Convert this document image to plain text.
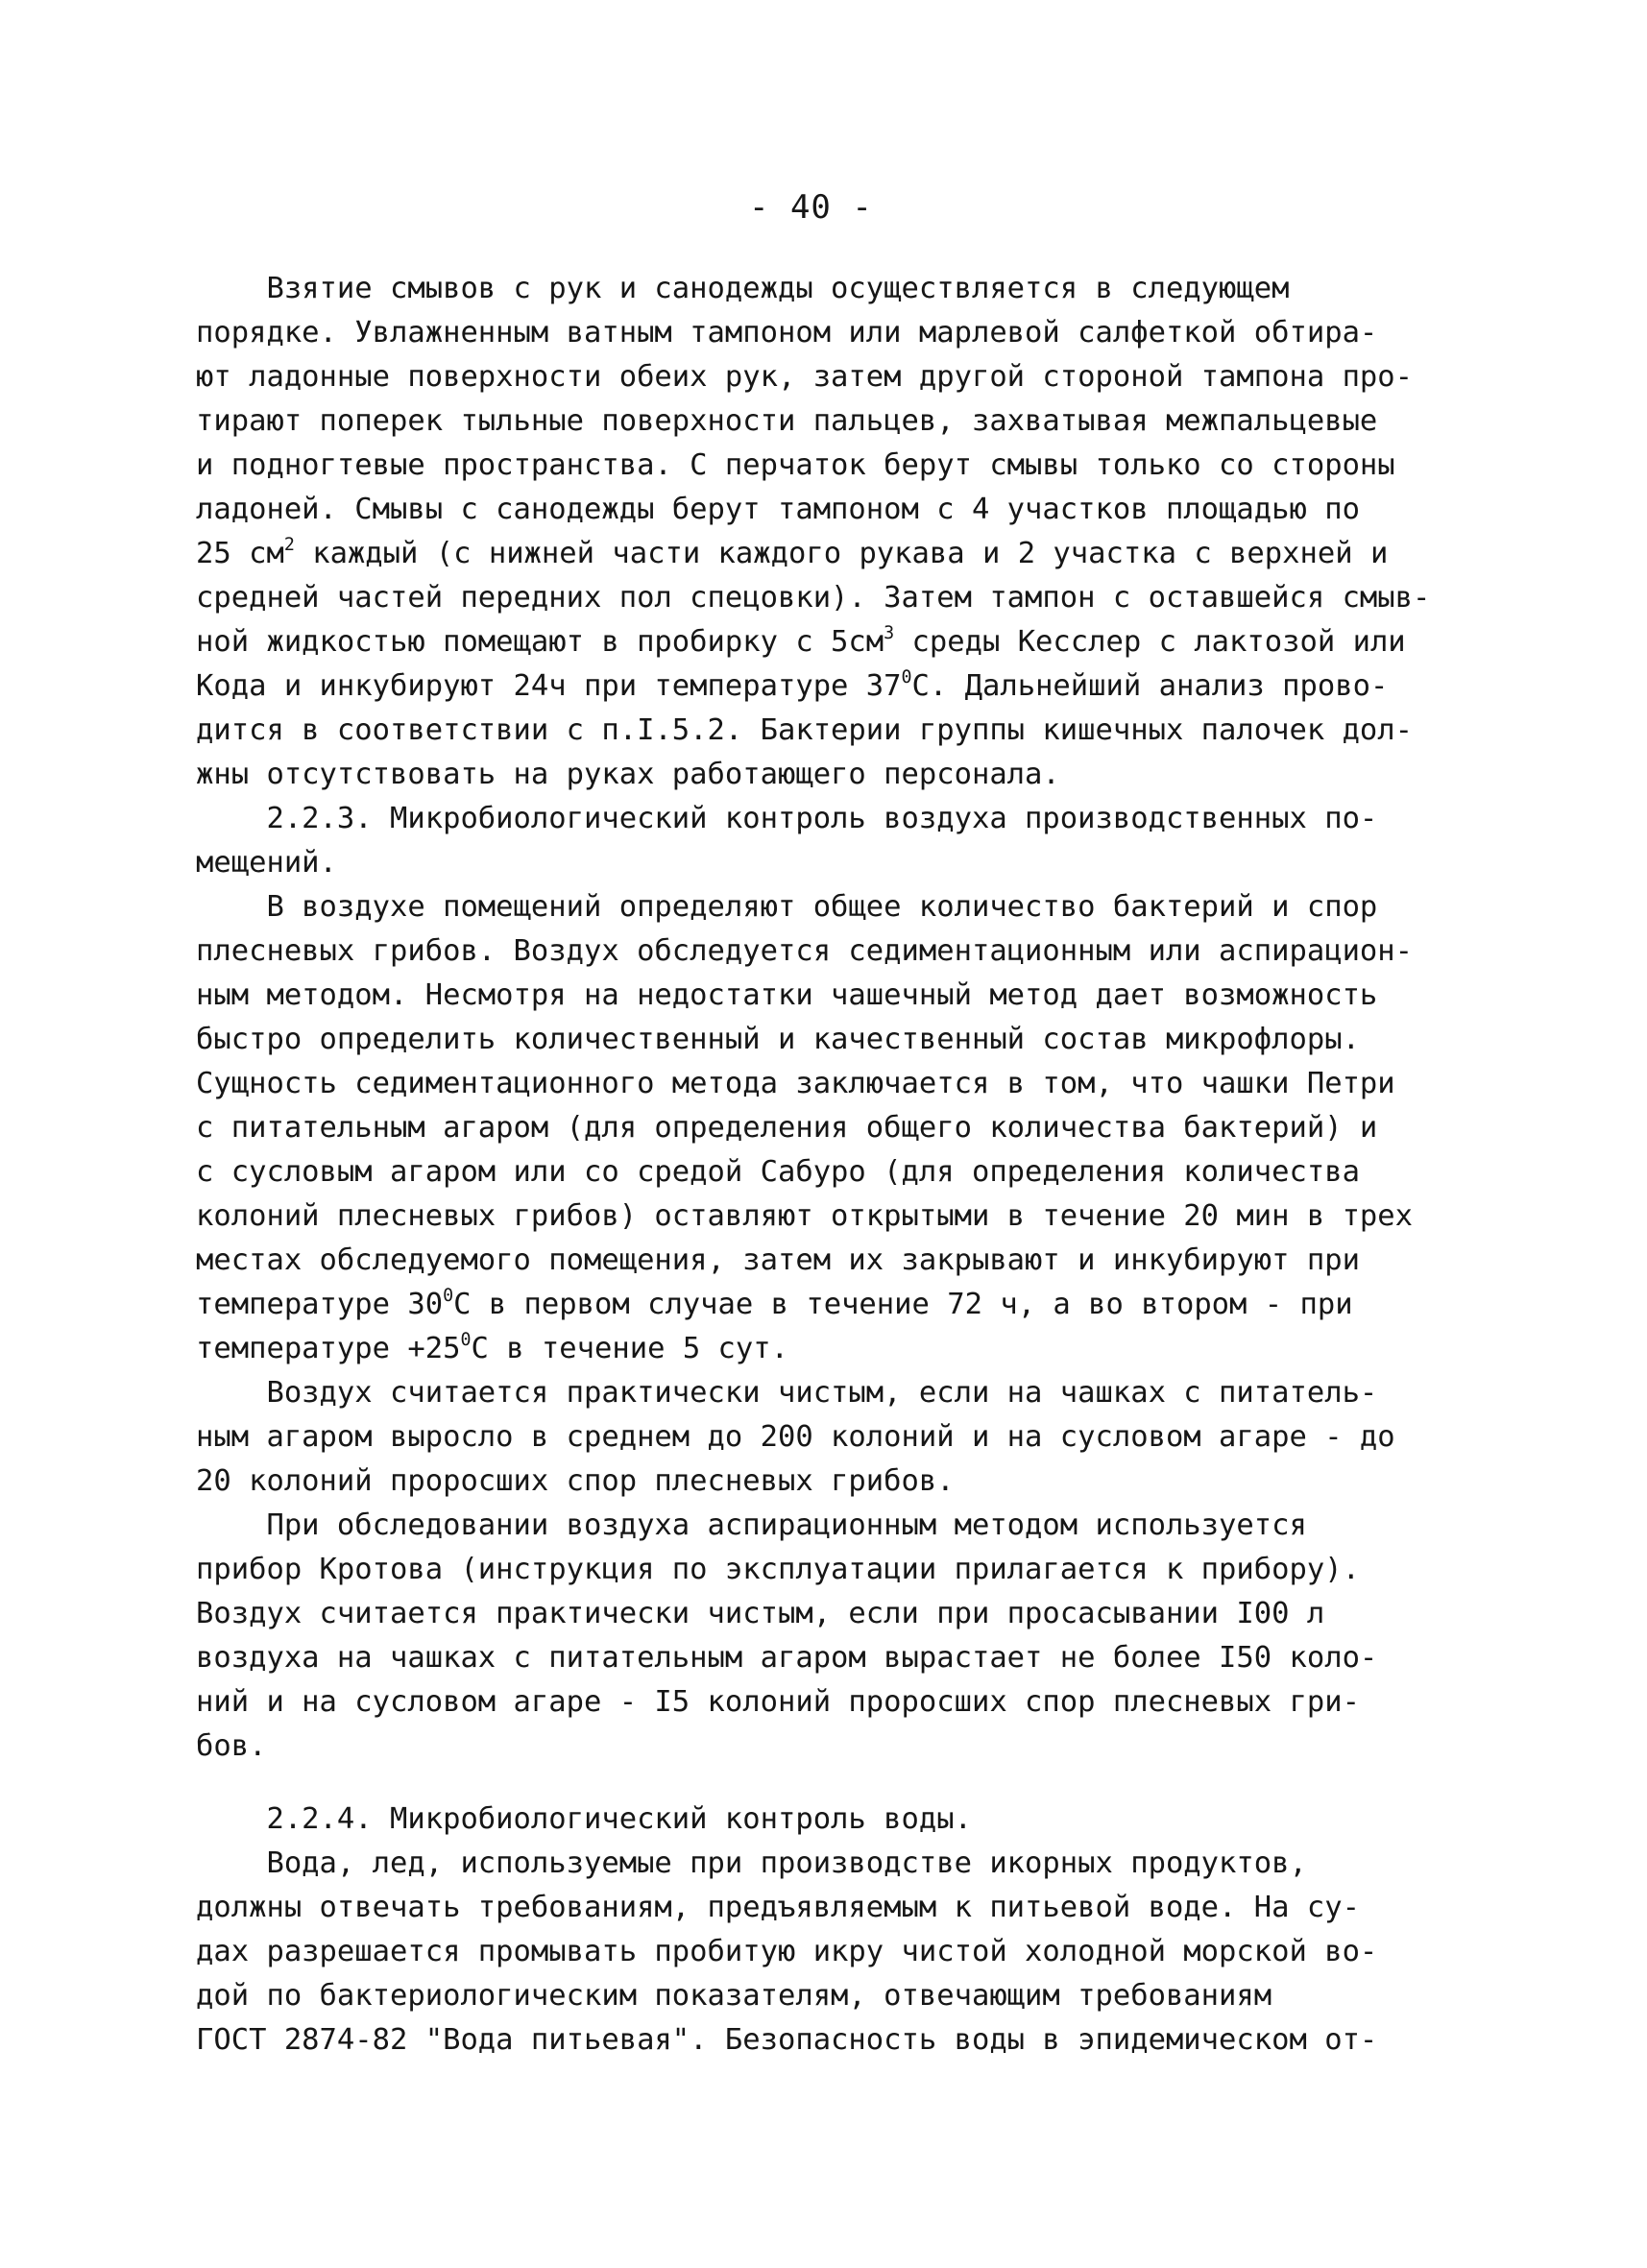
- 40 -
Взятие смывов с рук и санодежды осуществляется в следующем
порядке. Увлажненным ватным тампоном или марлевой салфеткой обтира-
ют ладонные поверхности обеих рук, затем другой стороной тампона про-
тирают поперек тыльные поверхности пальцев, захватывая межпальцевые
и подногтевые пространства. С перчаток берут смывы только со стороны
ладоней. Смывы с санодежды берут тампоном с 4 участков площадью по
25 $см^2$ каждый (с нижней части каждого рукава и 2 участка с верхней и
средней частей передних пол спецовки). Затем тампон с оставшейся смыв-
ной жидкостью помещают в пробирку с $5см^3$ среды Кесслер с лактозой или
Кода и инкубируют 24ч при температуре $37^0С$. Дальнейший анализ прово-
дится в соответствии с п.I.5.2. Бактерии группы кишечных палочек дол-
жны отсутствовать на руках работающего персонала.
2.2.3. Микробиологический контроль воздуха производственных по-
мещений.
В воздухе помещений определяют общее количество бактерий и спор
плесневых грибов. Воздух обследуется седиментационным или аспирацион-
ным методом. Несмотря на недостатки чашечный метод дает возможность
быстро определить количественный и качественный состав микрофлоры.
Сущность седиментационного метода заключается в том, что чашки Петри
с питательным агаром (для определения общего количества бактерий) и
с сусловым агаром или со средой Сабуро (для определения количества
колоний плесневых грибов) оставляют открытыми в течение 20 мин в трех
местах обследуемого помещения, затем их закрывают и инкубируют при
температуре $30^0С$ в первом случае в течение 72 ч, а во втором - при
температуре $+25^0С$ в течение 5 сут.
Воздух считается практически чистым, если на чашках с питатель-
ным агаром выросло в среднем до 200 колоний и на сусловом агаре - до
20 колоний проросших спор плесневых грибов.
При обследовании воздуха аспирационным методом используется
прибор Кротова (инструкция по эксплуатации прилагается к прибору).
Воздух считается практически чистым, если при просасывании I00 л
воздуха на чашках с питательным агаром вырастает не более I50 коло-
ний и на сусловом агаре - I5 колоний проросших спор плесневых гри-
бов.
2.2.4. Микробиологический контроль воды.
Вода, лед, используемые при производстве икорных продуктов,
должны отвечать требованиям, предъявляемым к питьевой воде. На су-
дах разрешается промывать пробитую икру чистой холодной морской во-
дой по бактериологическим показателям, отвечающим требованиям
ГОСТ 2874-82 "Вода питьевая". Безопасность воды в эпидемическом от-
